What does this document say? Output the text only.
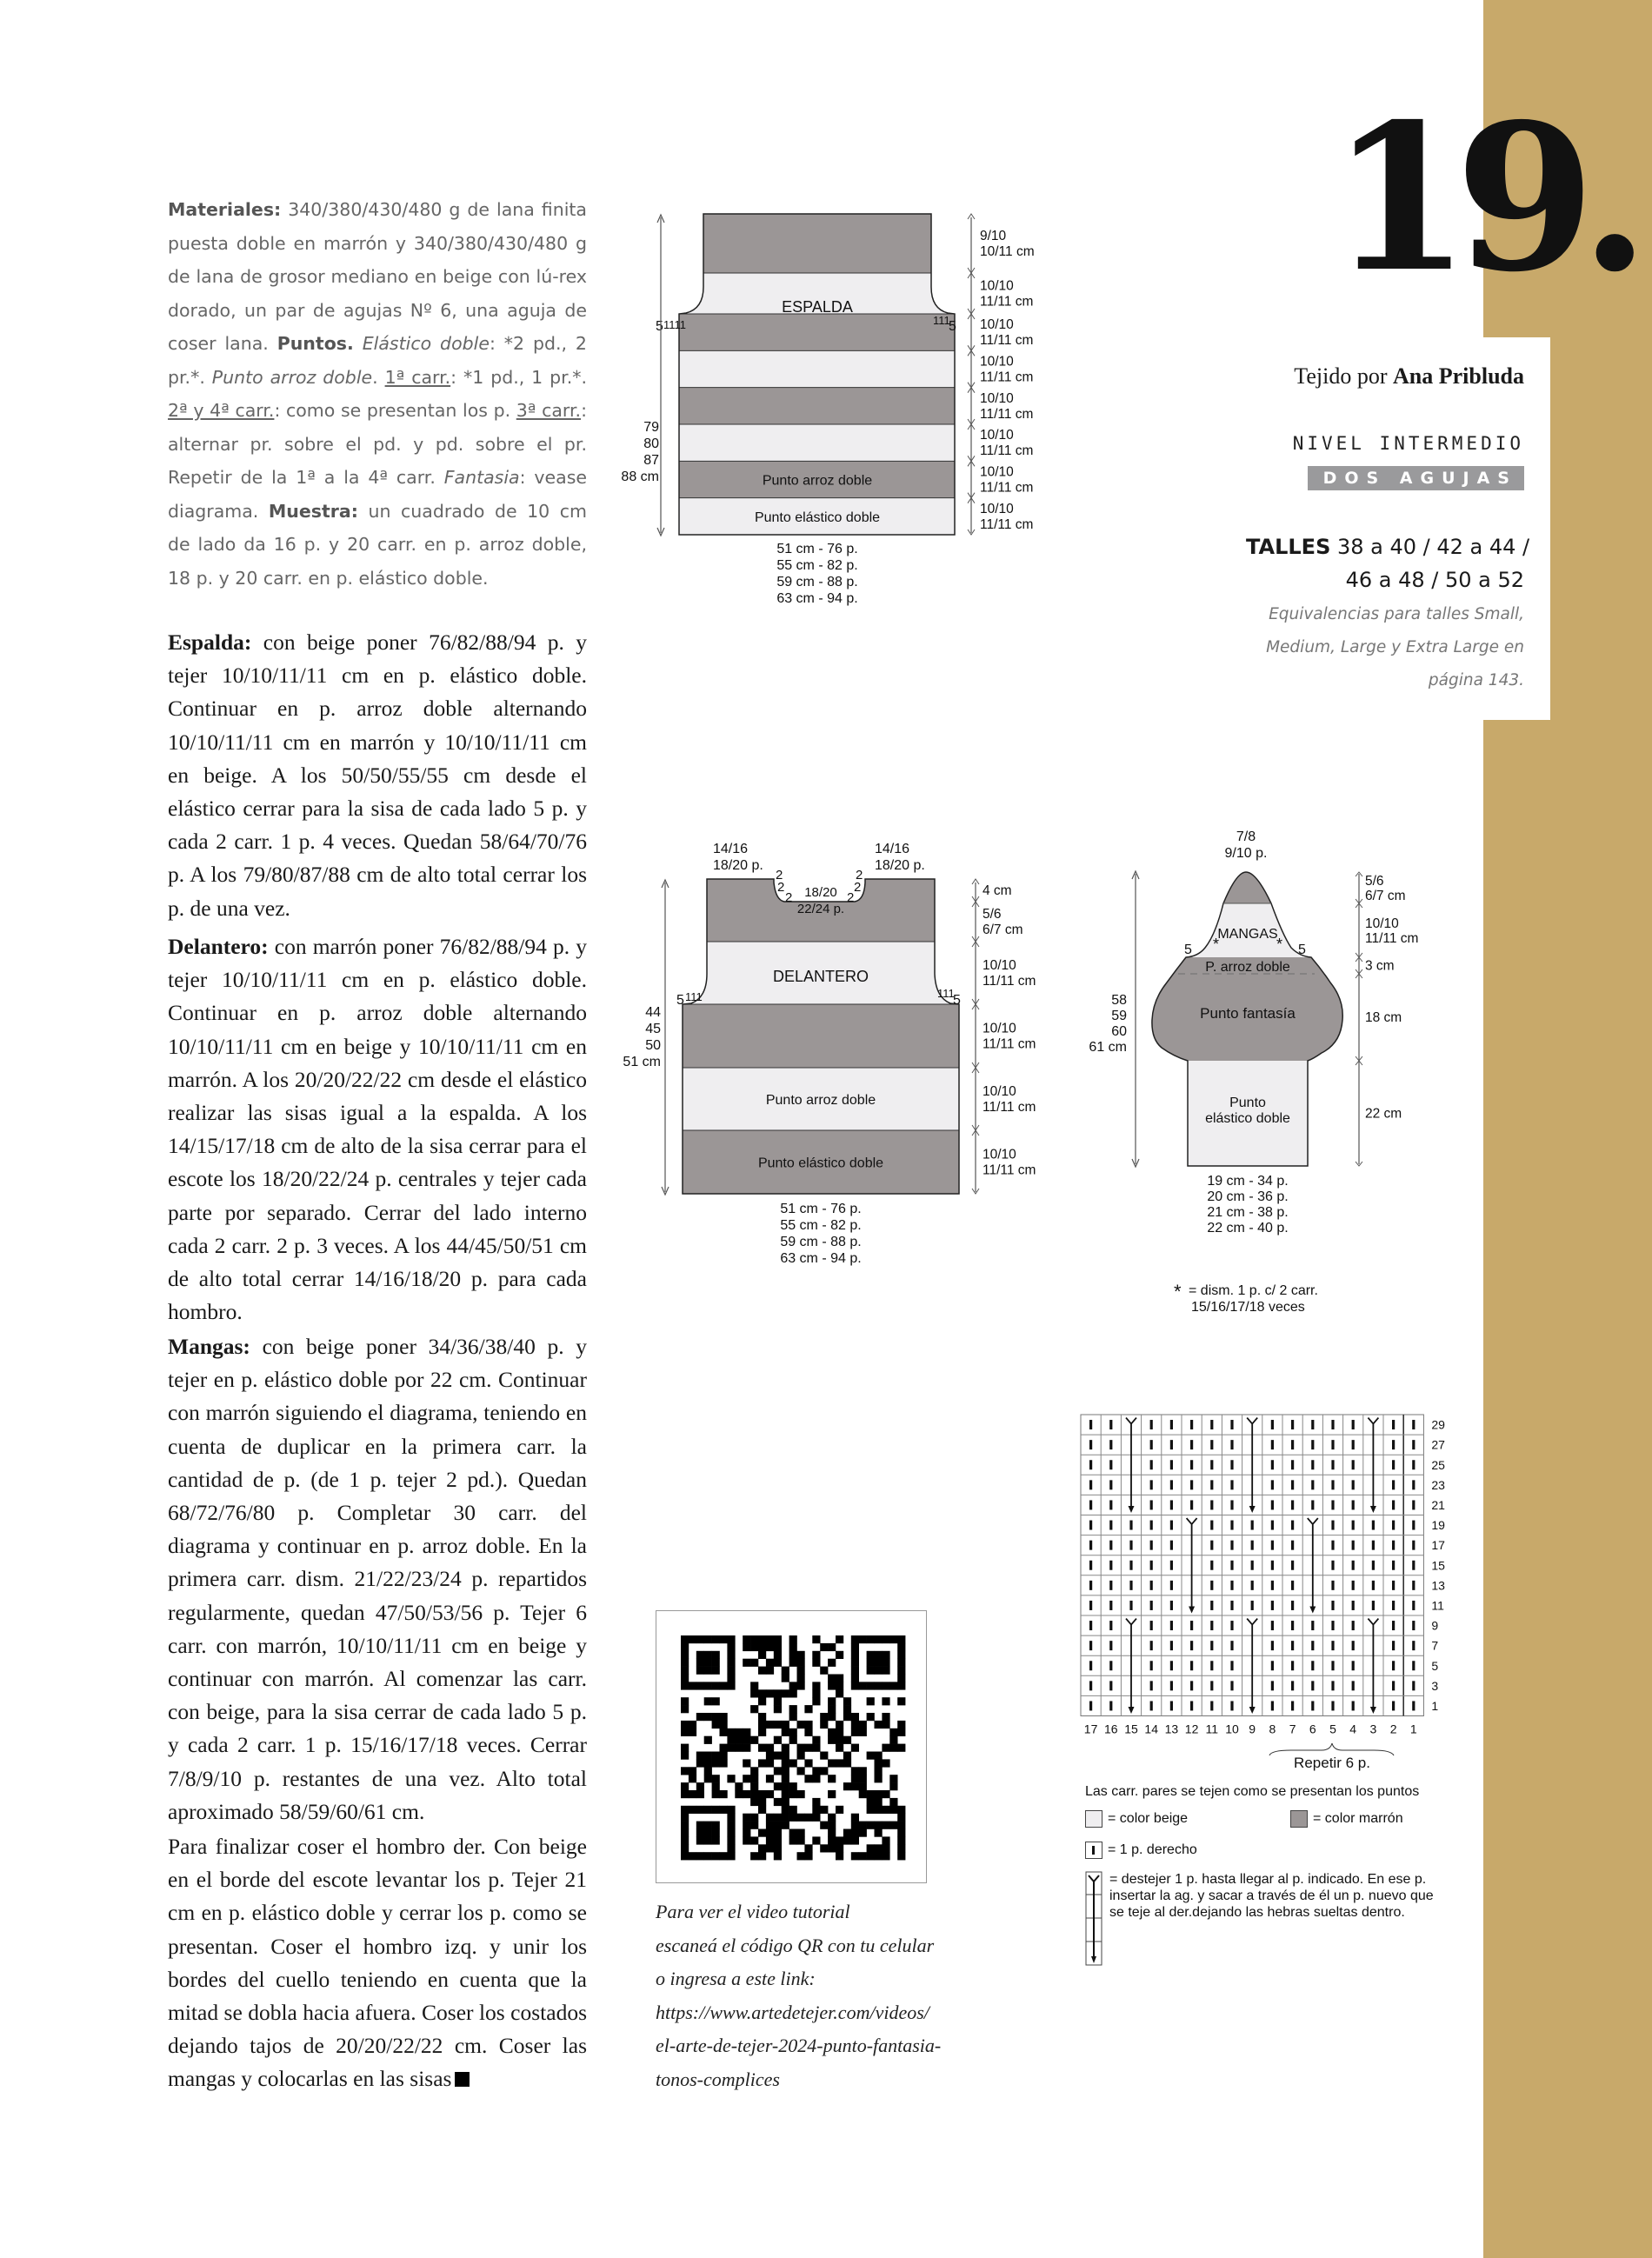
19.
Tejido por Ana Pribluda
NIVEL INTERMEDIO
DOS AGUJAS
TALLES 38 a 40 / 42 a 44 /
46 a 48 / 50 a 52
Equivalencias para talles Small, Medium, Large y Extra Large en página 143.
Materiales: 340/380/430/480 g de lana finita puesta doble en marrón y 340/380/430/480 g de lana de grosor mediano en beige con lú-rex dorado, un par de agujas Nº 6, una aguja de coser lana. Puntos. Elástico doble: *2 pd., 2 pr.*. Punto arroz doble. 1ª carr.: *1 pd., 1 pr.*. 2ª y 4ª carr.: como se presentan los p. 3ª carr.: alternar pr. sobre el pd. y pd. sobre el pr. Repetir de la 1ª a la 4ª carr. Fantasia: vease diagrama. Muestra: un cuadrado de 10 cm de lado da 16 p. y 20 carr. en p. arroz doble, 18 p. y 20 carr. en p. elástico doble.
Espalda: con beige poner 76/82/88/94 p. y tejer 10/10/11/11 cm en p. elástico doble. Continuar en p. arroz doble alternando 10/10/11/11 cm en marrón y 10/10/11/11 cm en beige. A los 50/50/55/55 cm desde el elástico cerrar para la sisa de cada lado 5 p. y cada 2 carr. 1 p. 4 veces. Quedan 58/64/70/76 p. A los 79/80/87/88 cm de alto total cerrar los p. de una vez.
Delantero: con marrón poner 76/82/88/94 p. y tejer 10/10/11/11 cm en p. elástico doble. Continuar en p. arroz doble alternando 10/10/11/11 cm en beige y 10/10/11/11 cm en marrón. A los 20/20/22/22 cm desde el elástico realizar las sisas igual a la espalda. A los 14/15/17/18 cm de alto de la sisa cerrar para el escote los 18/20/22/24 p. centrales y tejer cada parte por separado. Cerrar del lado interno cada 2 carr. 2 p. 3 veces. A los 44/45/50/51 cm de alto total cerrar 14/16/18/20 p. para cada hombro.
Mangas: con beige poner 34/36/38/40 p. y tejer en p. elástico doble por 22 cm. Continuar con marrón siguiendo el diagrama, teniendo en cuenta de duplicar en la primera carr. la cantidad de p. (de 1 p. tejer 2 pd.). Quedan 68/72/76/80 p. Completar 30 carr. del diagrama y continuar en p. arroz doble. En la primera carr. dism. 21/22/23/24 p. repartidos regularmente, quedan 47/50/53/56 p. Tejer 6 carr. con marrón, 10/10/11/11 cm en beige y continuar con marrón. Al comenzar las carr. con beige, para la sisa cerrar de cada lado 5 p. y cada 2 carr. 1 p. 15/16/17/18 veces. Cerrar 7/8/9/10 p. restantes de una vez. Alto total aproximado 58/59/60/61 cm.
Para finalizar coser el hombro der. Con beige en el borde del escote levantar los p. Tejer 21 cm en p. elástico doble y cerrar los p. como se presentan. Coser el hombro izq. y unir los bordes del cuello teniendo en cuenta que la mitad se dobla hacia afuera. Coser los costados dejando tajos de 20/20/22/22 cm. Coser las mangas y colocarlas en las sisas
ESPALDA
5 1111	111
5
Punto arroz doble
Punto elástico doble
79
80
87
88 cm
9/10
10/11 cm
10/10
11/11 cm
10/10
11/11 cm
10/10
11/11 cm
10/10
11/11 cm
10/10
11/11 cm
10/10
11/11 cm
10/10
11/11 cm
51 cm - 76 p.
55 cm - 82 p.
59 cm - 88 p.
63 cm - 94 p.
18/20
22/24 p.
2
2
2
2
2
2
14/16
18/20 p.
14/16
18/20 p.
DELANTERO
5 111	111
5
Punto arroz doble
Punto elástico doble
44
45
50
51 cm
4 cm
5/6
6/7 cm
10/10
11/11 cm
10/10
11/11 cm
10/10
11/11 cm
10/10
11/11 cm
51 cm - 76 p.
55 cm - 82 p.
59 cm - 88 p.
63 cm - 94 p.
7/8
9/10 p.
MANGAS
*	*
5	5
P. arroz doble
Punto fantasía
Punto
elástico doble
58
59
60
61 cm
5/6
6/7 cm
10/10
11/11 cm
3 cm
18 cm
22 cm
19 cm - 34 p.
20 cm - 36 p.
21 cm - 38 p.
22 cm - 40 p.
* = dism. 1 p. c/ 2 carr.
15/16/17/18 veces
29
27
25
23
21
19
17
15
13
11
9
7
5
3
1
17 16 15 14 13 12 11 10 9 8 7 6 5 4 3 2 1
Repetir 6 p.
Las carr. pares se tejen como se presentan los puntos
= color beige	= color marrón
= 1 p. derecho
= destejer 1 p. hasta llegar al p. indicado. En ese p.
insertar la ag. y sacar a través de él un p. nuevo que
se teje al der.dejando las hebras sueltas dentro.
Para ver el video tutorial
escaneá el código QR con tu celular
o ingresa a este link:
https://www.artedetejer.com/videos/
el-arte-de-tejer-2024-punto-fantasia-
tonos-complices
